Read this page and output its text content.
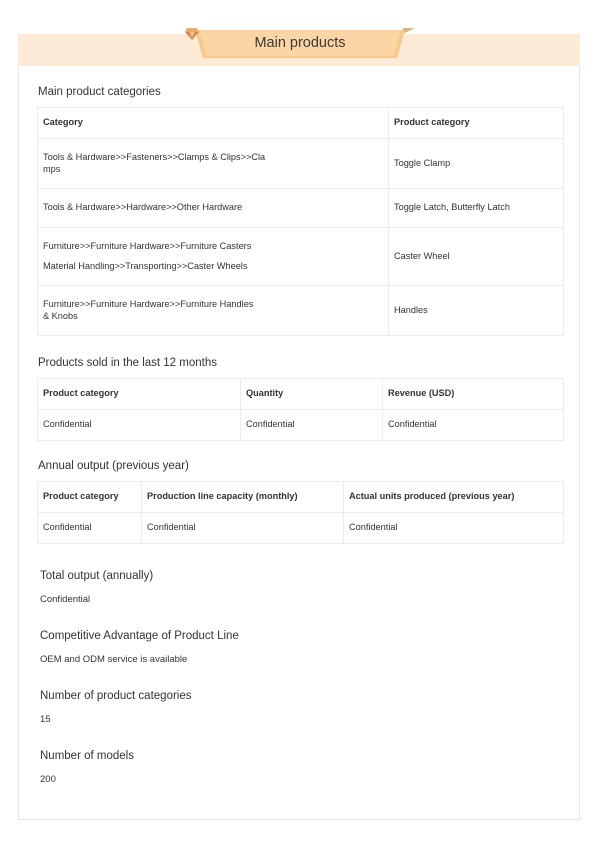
Main products
Main product categories
Category	Product category

Tools & Hardware>>Fasteners>>Clamps & Clips>>Cla
mps	Toggle Clamp

Tools & Hardware>>Hardware>>Other Hardware	Toggle Latch, Butterfly Latch

Furniture>>Furniture Hardware>>Furniture Casters
Material Handling>>Transporting>>Caster Wheels	Caster Wheel

Furniture>>Furniture Hardware>>Furniture Handles
& Knobs	Handles
Products sold in the last 12 months
Product category	Quantity	Revenue (USD)
Confidential	Confidential	Confidential
Annual output (previous year)
Product category	Production line capacity (monthly)	Actual units produced (previous year)
Confidential	Confidential	Confidential
Total output (annually)
Confidential
Competitive Advantage of Product Line
OEM and ODM service is available
Number of product categories
15
Number of models
200
